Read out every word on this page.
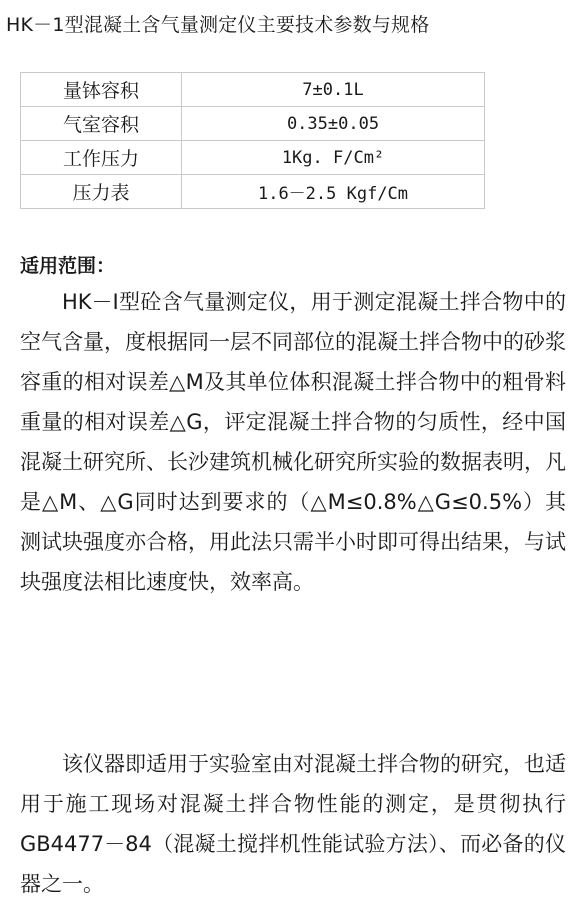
HK－1型混凝土含气量测定仪主要技术参数与规格
量钵容积	7±0.1L
气室容积	0.35±0.05
工作压力	1Kg. F/Cm²
压力表	1.6－2.5 Kgf/Cm
适用范围：

HK－I型砼含气量测定仪，用于测定混凝土拌合物中的空气含量，度根据同一层不同部位的混凝土拌合物中的砂浆容重的相对误差△M及其单位体积混凝土拌合物中的粗骨料重量的相对误差△G，评定混凝土拌合物的匀质性，经中国混凝土研究所、长沙建筑机械化研究所实验的数据表明，凡是△M、△G同时达到要求的（△M≤0.8%△G≤0.5%）其测试块强度亦合格，用此法只需半小时即可得出结果，与试块强度法相比速度快，效率高。

该仪器即适用于实验室由对混凝土拌合物的研究，也适用于施工现场对混凝土拌合物性能的测定，是贯彻执行GB4477－84（混凝土搅拌机性能试验方法）、而必备的仪器之一。
